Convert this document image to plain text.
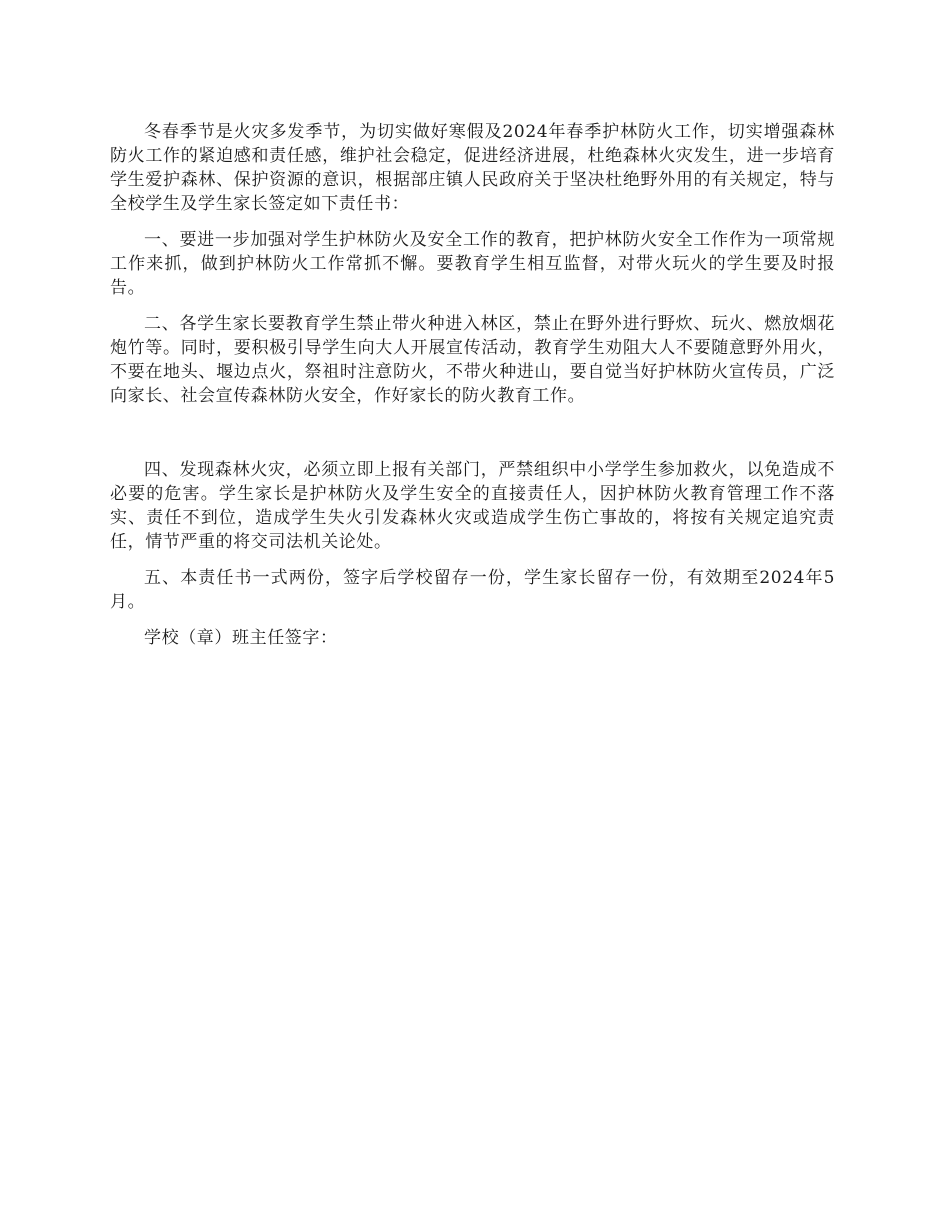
冬春季节是火灾多发季节，为切实做好寒假及2024年春季护林防火工作，切实增强森林防火工作的紧迫感和责任感，维护社会稳定，促进经济进展，杜绝森林火灾发生，进一步培育学生爱护森林、保护资源的意识，根据部庄镇人民政府关于坚决杜绝野外用的有关规定，特与全校学生及学生家长签定如下责任书：

一、要进一步加强对学生护林防火及安全工作的教育，把护林防火安全工作作为一项常规工作来抓，做到护林防火工作常抓不懈。要教育学生相互监督，对带火玩火的学生要及时报告。

二、各学生家长要教育学生禁止带火种进入林区，禁止在野外进行野炊、玩火、燃放烟花炮竹等。同时，要积极引导学生向大人开展宣传活动，教育学生劝阻大人不要随意野外用火，不要在地头、堰边点火，祭祖时注意防火，不带火种进山，要自觉当好护林防火宣传员，广泛向家长、社会宣传森林防火安全，作好家长的防火教育工作。

四、发现森林火灾，必须立即上报有关部门，严禁组织中小学学生参加救火，以免造成不必要的危害。学生家长是护林防火及学生安全的直接责任人，因护林防火教育管理工作不落实、责任不到位，造成学生失火引发森林火灾或造成学生伤亡事故的，将按有关规定追究责任，情节严重的将交司法机关论处。

五、本责任书一式两份，签字后学校留存一份，学生家长留存一份，有效期至2024年5月。

学校（章）班主任签字：
